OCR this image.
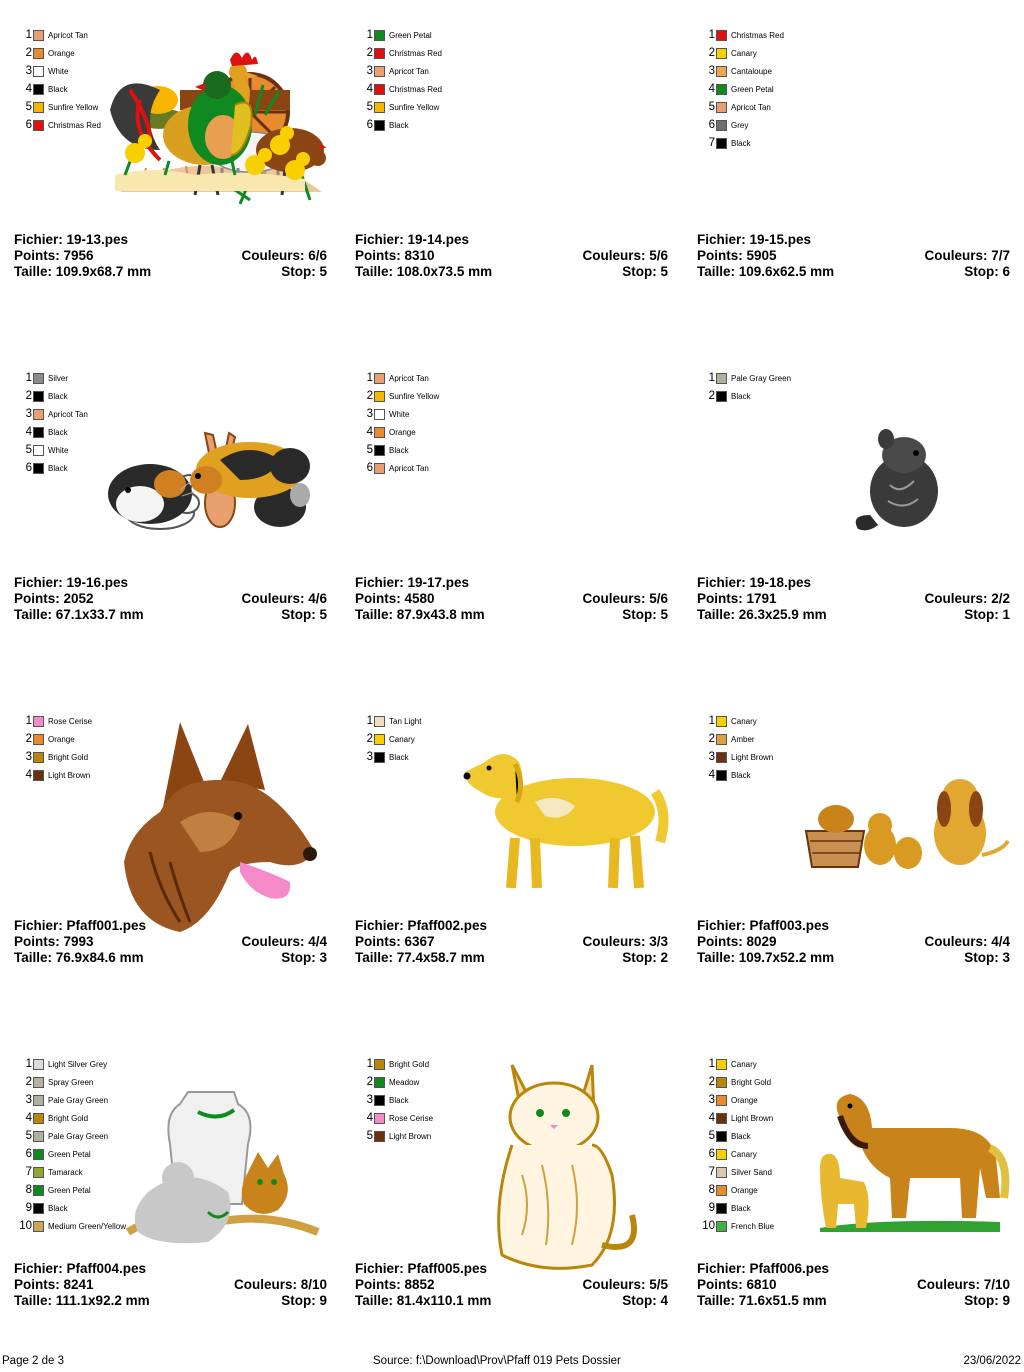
1 Apricot Tan
2 Orange
3 White
4 Black
5 Sunfire Yellow
6 Christmas Red
Fichier: 19-13.pes
Points: 7956	Couleurs: 6/6
Taille: 109.9x68.7 mm	Stop: 5
1 Green Petal
2 Christmas Red
3 Apricot Tan
4 Christmas Red
5 Sunfire Yellow
6 Black
Fichier: 19-14.pes
Points: 8310	Couleurs: 5/6
Taille: 108.0x73.5 mm	Stop: 5
1 Christmas Red
2 Canary
3 Cantaloupe
4 Green Petal
5 Apricot Tan
6 Grey
7 Black
Fichier: 19-15.pes
Points: 5905	Couleurs: 7/7
Taille: 109.6x62.5 mm	Stop: 6
1 Silver
2 Black
3 Apricot Tan
4 Black
5 White
6 Black
Fichier: 19-16.pes
Points: 2052	Couleurs: 4/6
Taille: 67.1x33.7 mm	Stop: 5
1 Apricot Tan
2 Sunfire Yellow
3 White
4 Orange
5 Black
6 Apricot Tan
Fichier: 19-17.pes
Points: 4580	Couleurs: 5/6
Taille: 87.9x43.8 mm	Stop: 5
1 Pale Gray Green
2 Black
Fichier: 19-18.pes
Points: 1791	Couleurs: 2/2
Taille: 26.3x25.9 mm	Stop: 1
1 Rose Cerise
2 Orange
3 Bright Gold
4 Light Brown
Fichier: Pfaff001.pes
Points: 7993	Couleurs: 4/4
Taille: 76.9x84.6 mm	Stop: 3
1 Tan Light
2 Canary
3 Black
Fichier: Pfaff002.pes
Points: 6367	Couleurs: 3/3
Taille: 77.4x58.7 mm	Stop: 2
1 Canary
2 Amber
3 Light Brown
4 Black
Fichier: Pfaff003.pes
Points: 8029	Couleurs: 4/4
Taille: 109.7x52.2 mm	Stop: 3
1 Light Silver Grey
2 Spray Green
3 Pale Gray Green
4 Bright Gold
5 Pale Gray Green
6 Green Petal
7 Tamarack
8 Green Petal
9 Black
10 Medium Green/Yellow
Fichier: Pfaff004.pes
Points: 8241	Couleurs: 8/10
Taille: 111.1x92.2 mm	Stop: 9
1 Bright Gold
2 Meadow
3 Black
4 Rose Cerise
5 Light Brown
Fichier: Pfaff005.pes
Points: 8852	Couleurs: 5/5
Taille: 81.4x110.1 mm	Stop: 4
1 Canary
2 Bright Gold
3 Orange
4 Light Brown
5 Black
6 Canary
7 Silver Sand
8 Orange
9 Black
10 French Blue
Fichier: Pfaff006.pes
Points: 6810	Couleurs: 7/10
Taille: 71.6x51.5 mm	Stop: 9
Page 2 de 3	Source: f:\Download\Prov\Pfaff 019 Pets Dossier	23/06/2022
